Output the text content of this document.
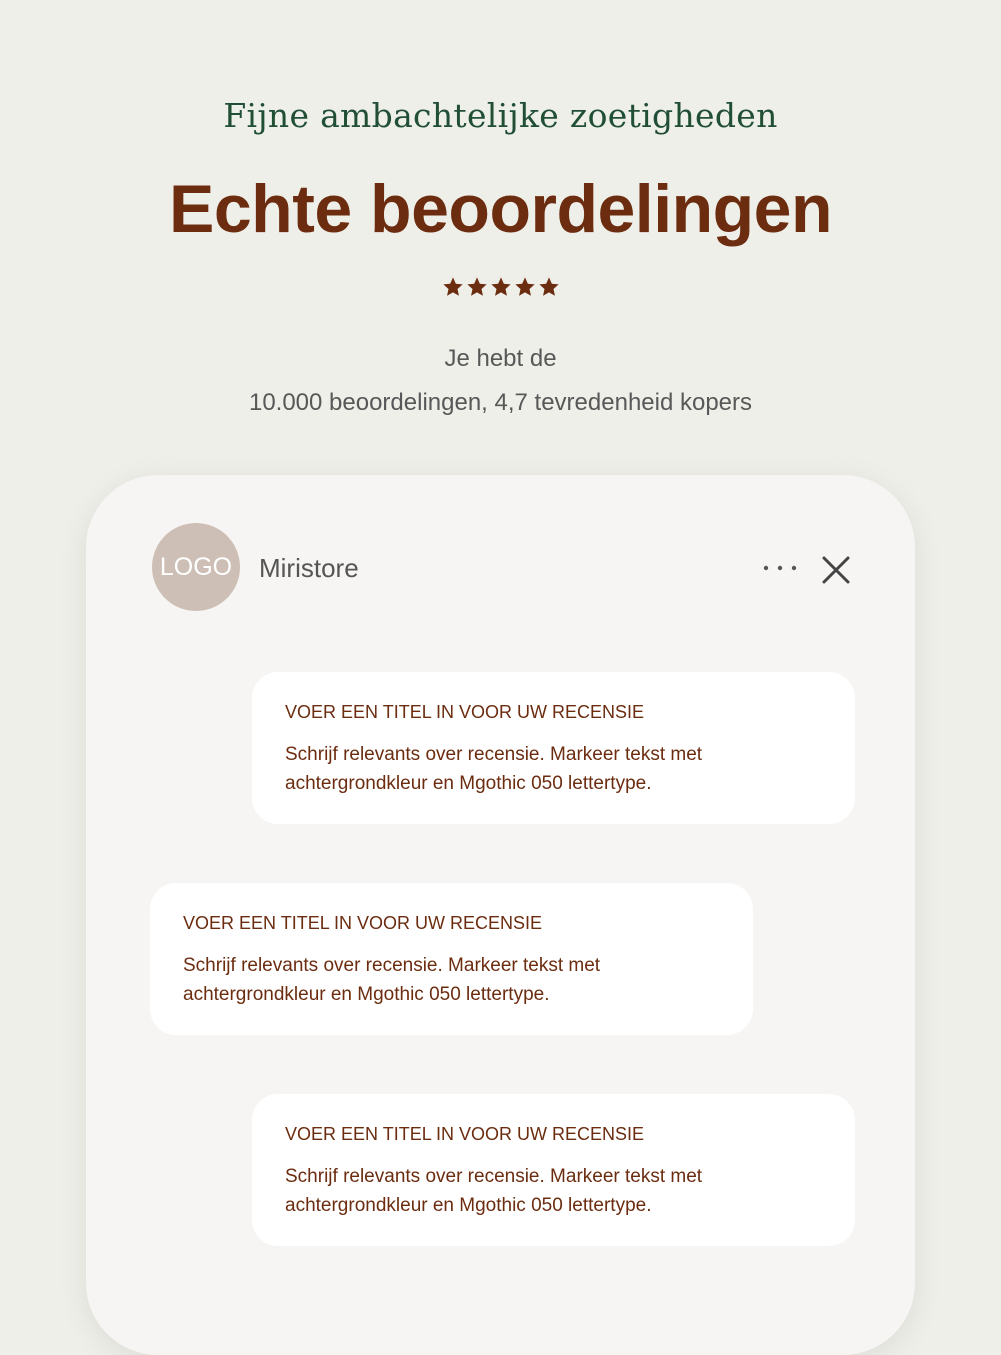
Fijne ambachtelijke zoetigheden
Echte beoordelingen
Je hebt de
10.000 beoordelingen, 4,7 tevredenheid kopers
LOGO Miristore
VOER EEN TITEL IN VOOR UW RECENSIE
Schrijf relevants over recensie. Markeer tekst met
achtergrondkleur en Mgothic 050 lettertype.
VOER EEN TITEL IN VOOR UW RECENSIE
Schrijf relevants over recensie. Markeer tekst met
achtergrondkleur en Mgothic 050 lettertype.
VOER EEN TITEL IN VOOR UW RECENSIE
Schrijf relevants over recensie. Markeer tekst met
achtergrondkleur en Mgothic 050 lettertype.
